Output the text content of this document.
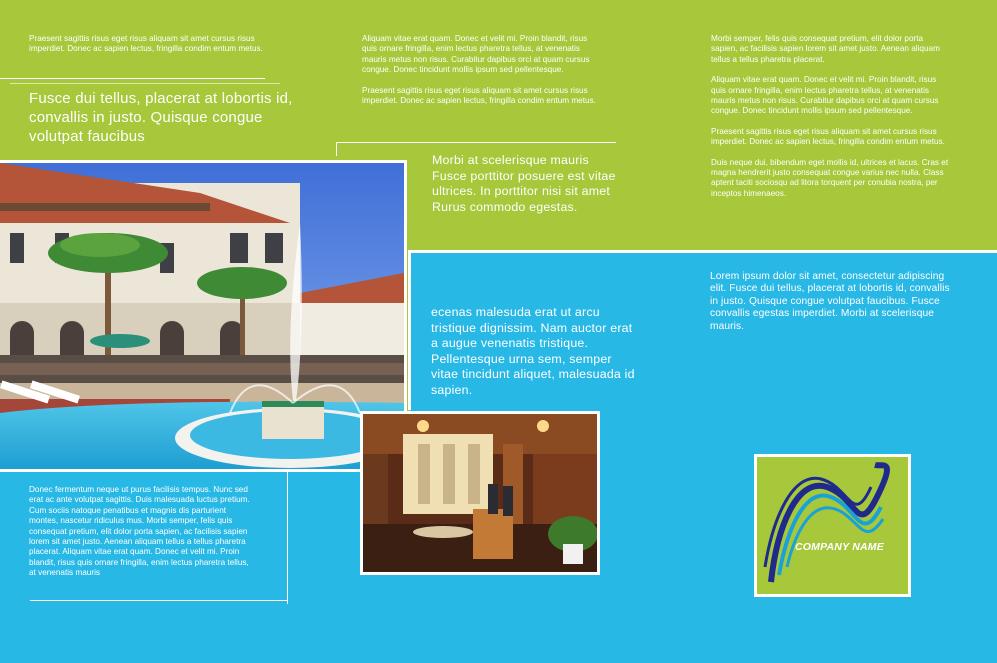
Praesent sagittis risus eget risus aliquam sit amet cursus risus imperdiet. Donec ac sapien lectus, fringilla condim entum metus.
Fusce dui tellus, placerat at lobortis id, convallis in justo. Quisque congue volutpat faucibus
Donec fermentum neque ut purus facilisis tempus. Nunc sed erat ac ante volutpat sagittis. Duis malesuada luctus pretium. Cum sociis natoque penatibus et magnis dis parturient montes, nascetur ridiculus mus. Morbi semper, felis quis consequat pretium, elit dolor porta sapien, ac facilisis sapien lorem sit amet justo. Aenean aliquam tellus a tellus pharetra placerat. Aliquam vitae erat quam. Donec et velit mi. Proin blandit, risus quis ornare fringilla, enim lectus pharetra tellus, at venenatis mauris

Aliquam vitae erat quam. Donec et velit mi. Proin blandit, risus quis ornare fringilla, enim lectus pharetra tellus, at venenatis mauris metus non risus. Curabitur dapibus orci at quam cursus congue. Donec tincidunt mollis ipsum sed pellentesque.

Praesent sagittis risus eget risus aliquam sit amet cursus risus imperdiet. Donec ac sapien lectus, fringilla condim entum metus.

Morbi at scelerisque mauris Fusce porttitor posuere est vitae ultrices. In porttitor nisi sit amet Rurus commodo egestas.
ecenas malesuda erat ut arcu tristique dignissim. Nam auctor erat a augue venenatis tristique. Pellentesque urna sem, semper vitae tincidunt aliquet, malesuada id sapien.

Morbi semper, felis quis consequat pretium, elit dolor porta sapien, ac facilisis sapien lorem sit amet justo. Aenean aliquam tellus a tellus pharetra placerat.

Aliquam vitae erat quam. Donec et velit mi. Proin blandit, risus quis ornare fringilla, enim lectus pharetra tellus, at venenatis mauris metus non risus. Curabitur dapibus orci at quam cursus congue. Donec tincidunt mollis ipsum sed pellentesque.

Praesent sagittis risus eget risus aliquam sit amet cursus risus imperdiet. Donec ac sapien lectus, fringilla condim entum metus.

Duis neque dui, bibendum eget mollis id, ultrices et lacus. Cras et magna hendrerit justo consequat congue varius nec nulla. Class aptent taciti sociosqu ad litora torquent per conubia nostra, per inceptos himenaeos.

Lorem ipsum dolor sit amet, consectetur adipiscing elit. Fusce dui tellus, placerat at lobortis id, convallis in justo. Quisque congue volutpat faucibus. Fusce convallis egestas imperdiet. Morbi at scelerisque mauris.
COMPANY NAME
